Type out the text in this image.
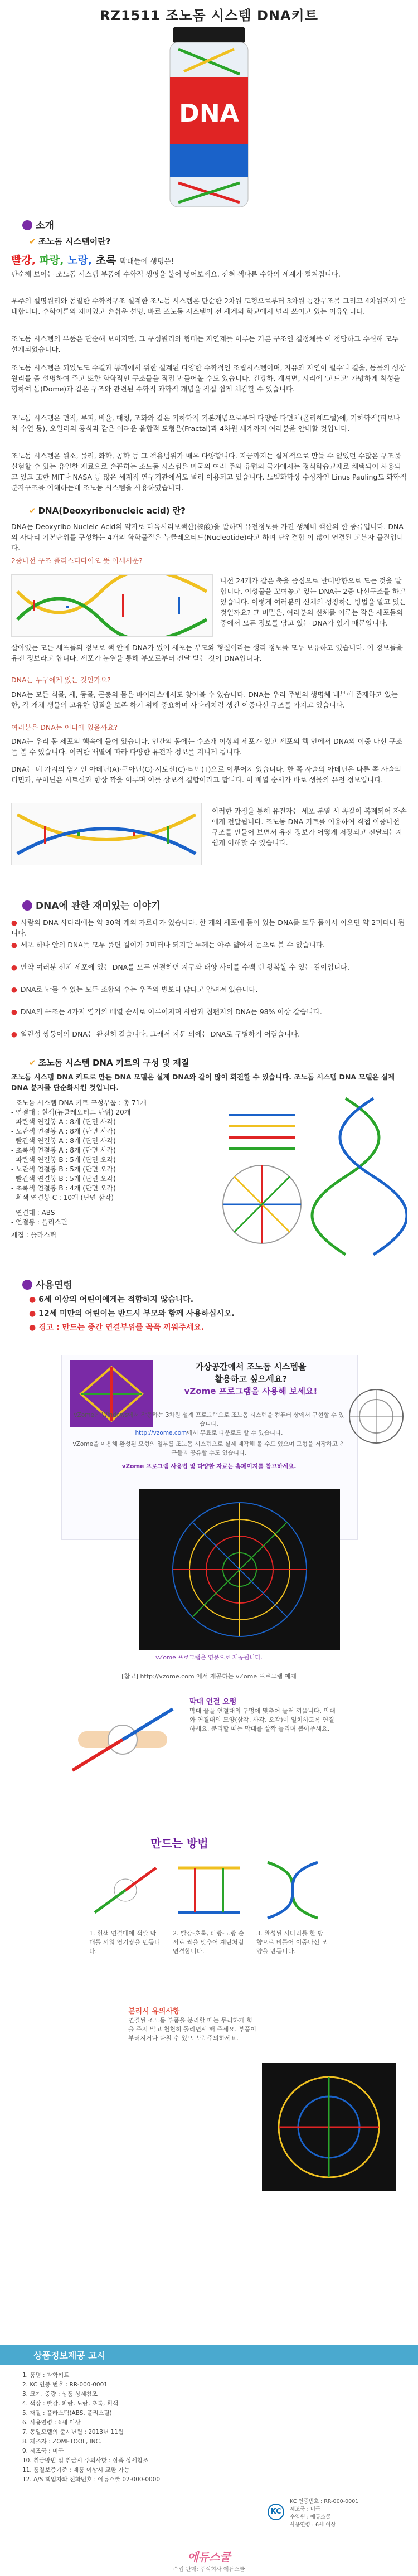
RZ1511 조노돔 시스템 DNA키트
DNA
소개
✔ 조노돔 시스템이란?
빨강, 파랑, 노랑, 초록 막대들에 생명을!
단순해 보이는 조노돔 시스템 부품에 수학적 생명을 불어 넣어보세요. 전혀 색다른 수학의 세계가 펼쳐집니다.
우주의 설명원리와 동일한 수학적구조 설계한 조노돔 시스템은 단순한 2차원 도형으로부터 3차원 공간구조를 그리고 4차원까지 안내합니다. 수학이론의 재미있고 손쉬운 설명, 바로 조노돔 시스템이 전 세계의 학교에서 널리 쓰이고 있는 이유입니다.
조노돔 시스템의 부품은 단순해 보이지만, 그 구성원리와 형태는 자연계를 이루는 기본 구조인 결정체를 이 정당하고 수월해 모두 설계되었습니다.
조노돔 시스템은 되었노도 수결과 통과에서 위한 설계된 다양한 수학적인 조립시스템이며, 자유와 자연이 필수니 결을, 동물의 성장원리를 좀 설명하여 주고 또한 화학적인 구조물을 직접 만들어볼 수도 있습니다. 건강하, 계셔면, 시리에 '고드고' 가망하게 착성을 형하여 돔(Dome)과 같은 구조와 관련된 수학적 과학적 개념을 직접 쉽게 체감할 수 있습니다.
조노돔 시스템은 면적, 부피, 비율, 대칭, 조화와 같은 기하학적 기본개념으로부터 다양한 다면체(폴리헤드럴)에, 기하학적(피보나치 수열 등), 오일러의 공식과 같은 어려운 올합적 도형은(Fractal)과 4차원 세계까지 여러분을 안내할 것입니다.
조노돔 시스템은 원소, 물리, 화학, 공학 등 그 적용범위가 매우 다양합니다. 지금까지는 실제적으로 만들 수 없었던 수많은 구조물 실험할 수 있는 유일한 재료으로 손꼽히는 조노돔 시스템은 미국의 여러 주와 유럽의 국가에서는 정식학습교재로 채택되어 사용되고 있고 또한 MIT나 NASA 등 많은 세계적 연구기관에서도 널리 이용되고 있습니다. 노벨화학상 수상자인 Linus Pauling도 화학적 분자구조를 이해하는데 조노돔 시스템을 사용하였습니다.
✔ DNA(Deoxyribonucleic acid) 란?
DNA는 Deoxyribo Nucleic Acid의 약자로 다옥시리보핵산(核酸)을 말하며 유전정보를 가진 생체내 핵산의 한 종류입니다. DNA의 사다리 기본단위를 구성하는 4개의 화학물질은 뉴클레오티드(Nucleotide)라고 하며 단위결합 이 많이 연결된 고분자 물질입니다.
2중나선 구조 폴리스디다이오 뜻 어세서운?
나선 24개가 같은 축을 중심으로 반대방향으로 도는 것을 말합니다. 이성물을 꼬여놓고 있는 DNA는 2중 나선구조를 하고 있습니다. 이렇게 여러분의 신체의 성장하는 방법을 알고 있는 것일까요? 그 비밀은, 여러분의 신체를 이루는 작은 세포들의 중에서 모든 정보를 담고 있는 DNA가 있기 때문입니다.
살아있는 모든 세포들의 정보로 핵 안에 DNA가 있어 세포는 부모와 형질이라는 생리 정보를 모두 보유하고 있습니다. 이 정보들을 유전 정보라고 합니다. 세포가 분열을 통해 부모로부터 전달 받는 것이 DNA입니다.
DNA는 누구에게 있는 것인가요?
DNA는 모든 식물, 새, 동물, 곤충의 몸은 바이러스에서도 찾아볼 수 있습니다. DNA는 우리 주변의 생명체 내부에 존재하고 있는 한, 각 개체 생물의 고유한 형질을 보존 하기 위해 중요하며 사다리처럼 생긴 이중나선 구조를 가지고 있습니다.
여러분은 DNA는 어디에 있을까요?
DNA는 우리 몸 세포의 핵속에 들어 있습니다. 인간의 몸에는 수조개 이상의 세포가 있고 세포의 핵 안에서 DNA의 이중 나선 구조를 볼 수 있습니다. 이러한 배열에 따라 다양한 유전자 정보를 지니게 됩니다.
DNA는 네 가지의 염기인 아데닌(A)·구아닌(G)·시토신(C)·티민(T)으로 이루어져 있습니다. 한 쪽 사슬의 아데닌은 다른 쪽 사슬의 티민과, 구아닌은 시토신과 항상 짝을 이루며 이를 상보적 결합이라고 합니다. 이 배열 순서가 바로 생물의 유전 정보입니다.
이러한 과정을 통해 유전자는 세포 분열 시 똑같이 복제되어 자손에게 전달됩니다. 조노돔 DNA 키트를 이용하여 직접 이중나선 구조를 만들어 보면서 유전 정보가 어떻게 저장되고 전달되는지 쉽게 이해할 수 있습니다.
DNA에 관한 재미있는 이야기
● 사람의 DNA 사다리에는 약 30억 개의 가로대가 있습니다. 한 개의 세포에 들어 있는 DNA를 모두 풀어서 이으면 약 2미터나 됩니다.
● 세포 하나 안의 DNA를 모두 풀면 길이가 2미터나 되지만 두께는 아주 얇아서 눈으로 볼 수 없습니다.
● 만약 여러분 신체 세포에 있는 DNA를 모두 연결하면 지구와 태양 사이를 수백 번 왕복할 수 있는 길이입니다.
● DNA로 만들 수 있는 모든 조합의 수는 우주의 별보다 많다고 알려져 있습니다.
● DNA의 구조는 4가지 염기의 배열 순서로 이루어지며 사람과 침팬지의 DNA는 98% 이상 같습니다.
● 일란성 쌍둥이의 DNA는 완전히 같습니다. 그래서 지문 외에는 DNA로 구별하기 어렵습니다.
✔ 조노돔 시스템 DNA 키트의 구성 및 재질
조노돔 시스템 DNA 키트로 만든 DNA 모델은 실제 DNA와 같이 많이 회전할 수 있습니다. 조노돔 시스템 DNA 모델은 실제 DNA 분자를 단순화시킨 것입니다.
- 조노돔 시스템 DNA 키트 구성부품 : 총 71개
- 연결대 : 흰색(뉴클레오티드 단위) 20개
- 파란색 연결봉 A : 8개 (단면 사각)
- 노란색 연결봉 A : 8개 (단면 사각)
- 빨간색 연결봉 A : 8개 (단면 사각)
- 초록색 연결봉 A : 8개 (단면 사각)
- 파란색 연결봉 B : 5개 (단면 오각)
- 노란색 연결봉 B : 5개 (단면 오각)
- 빨간색 연결봉 B : 5개 (단면 오각)
- 초록색 연결봉 B : 4개 (단면 오각)
- 흰색 연결봉 C : 10개 (단면 삼각)
- 연결대 : ABS
- 연결봉 : 폴리스틸
재질 : 플라스틱
사용연령
● 6세 이상의 어린이에게는 적합하지 않습니다.
● 12세 미만의 어린이는 반드시 부모와 함께 사용하십시오.
● 경고 : 만드는 중간 연결부위를 꼭꼭 끼워주세요.
가상공간에서 조노돔 시스템을
활용하고 싶으세요?
vZome 프로그램을 사용해 보세요!
vZome은 Windows에서 작동하는 3차원 설계 프로그램으로 조노돔 시스템을 컴퓨터 상에서 구현할 수 있습니다.
http://vzome.com에서 무료로 다운로드 할 수 있습니다.
vZome을 이용해 완성된 모형의 일부를 조노돔 시스템으로 실제 제작해 볼 수도 있으며 모형을 저장하고 친구들과 공유할 수도 있습니다.
vZome 프로그램 사용법 및 다양한 자료는 홈페이지를 참고하세요.
vZome 프로그램은 영문으로 제공됩니다.
[참고] http://vzome.com 에서 제공하는 vZome 프로그램 예제
막대 연결 요령
막대 끝을 연결대의 구멍에 맞추어 눌러 끼웁니다. 막대와 연결대의 모양(삼각, 사각, 오각)이 일치하도록 연결하세요. 분리할 때는 막대를 살짝 돌리며 뽑아주세요.
만드는 방법
1. 흰색 연결대에 색깔 막대를 끼워 염기쌍을 만듭니다.
2. 빨강-초록, 파랑-노랑 순서로 짝을 맞추어 계단처럼 연결합니다.
3. 완성된 사다리를 한 방향으로 비틀어 이중나선 모양을 만듭니다.
분리시 유의사항
연결된 조노돔 부품을 분리할 때는 무리하게 힘을 주지 말고 천천히 돌리면서 빼 주세요. 부품이 부러지거나 다칠 수 있으므로 주의하세요.
상품정보제공 고시
1. 품명 : 과학키트
2. KC 인증 번호 : RR-000-0001
3. 크기, 중량 : 상품 상세참조
4. 색상 : 빨강, 파랑, 노랑, 초록, 흰색
5. 재질 : 플라스틱(ABS, 폴리스틸)
6. 사용연령 : 6세 이상
7. 동일모델의 출시년월 : 2013년 11월
8. 제조자 : ZOMETOOL, INC.
9. 제조국 : 미국
10. 취급방법 및 취급시 주의사항 : 상품 상세참조
11. 품질보증기준 : 제품 이상시 교환 가능
12. A/S 책임자와 전화번호 : 에듀스쿨 02-000-0000
KC
KC 인증번호 : RR-000-0001
제조국 : 미국
수입원 : 에듀스쿨
사용연령 : 6세 이상
에듀스쿨
수입 판매: 주식회사 에듀스쿨
